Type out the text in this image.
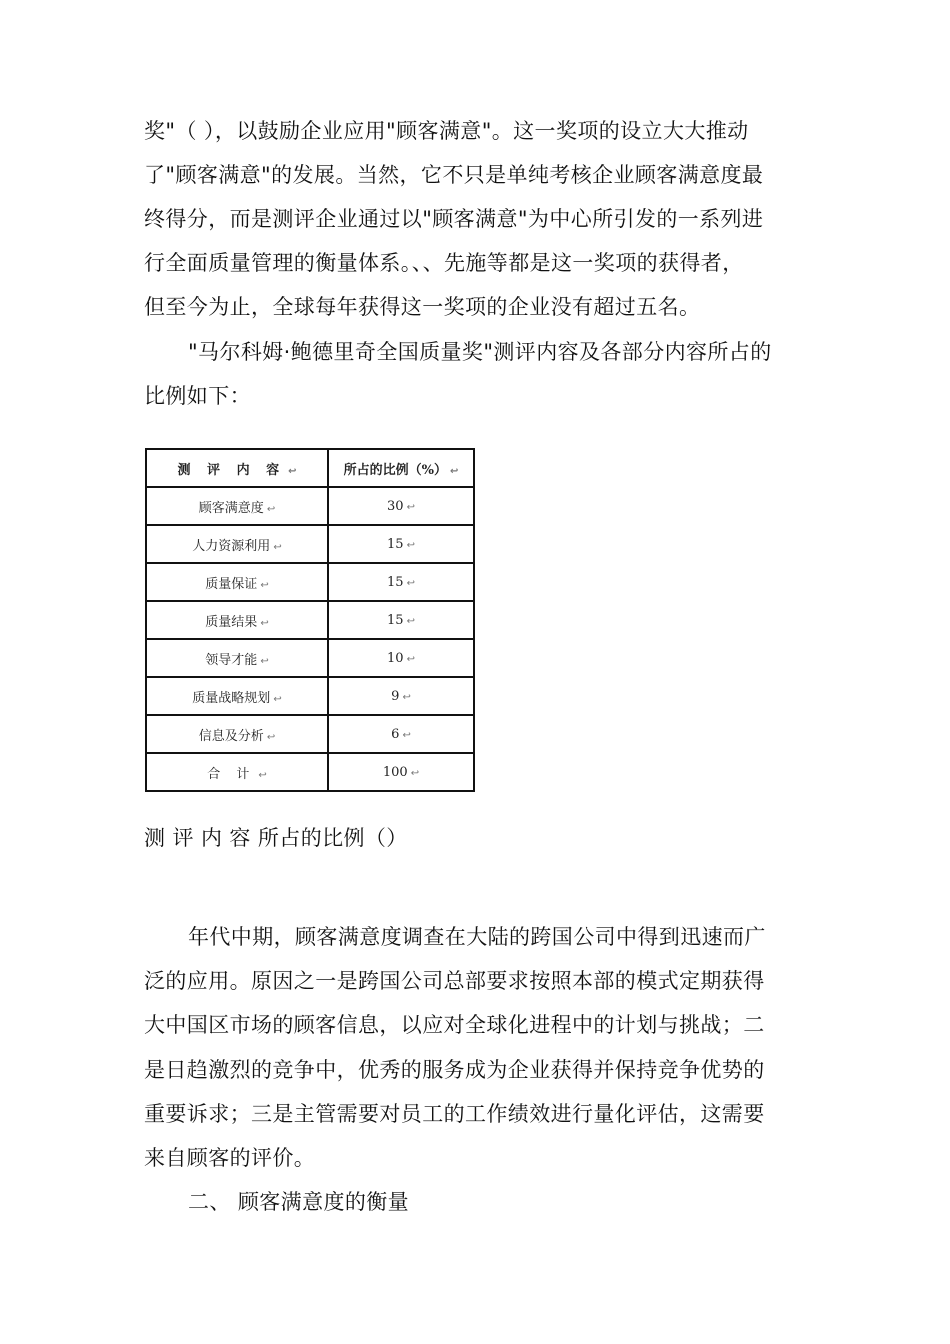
奖"（ ），以鼓励企业应用"顾客满意"。这一奖项的设立大大推动
了"顾客满意"的发展。当然，它不只是单纯考核企业顾客满意度最
终得分，而是测评企业通过以"顾客满意"为中心所引发的一系列进
行全面质量管理的衡量体系。、、先施等都是这一奖项的获得者，
但至今为止，全球每年获得这一奖项的企业没有超过五名。
"马尔科姆·鲍德里奇全国质量奖"测评内容及各部分内容所占的
比例如下：
测 评 内 容 ↩	所占的比例（%） ↩
顾客满意度 ↩	30 ↩
人力资源利用 ↩	15 ↩
质量保证 ↩	15 ↩
质量结果 ↩	15 ↩
领导才能 ↩	10 ↩
质量战略规划 ↩	9 ↩
信息及分析 ↩	6 ↩
合 计 ↩	100 ↩
测 评 内 容 所占的比例（）
年代中期，顾客满意度调查在大陆的跨国公司中得到迅速而广
泛的应用。原因之一是跨国公司总部要求按照本部的模式定期获得
大中国区市场的顾客信息，以应对全球化进程中的计划与挑战；二
是日趋激烈的竞争中，优秀的服务成为企业获得并保持竞争优势的
重要诉求；三是主管需要对员工的工作绩效进行量化评估，这需要
来自顾客的评价。
二、 顾客满意度的衡量
